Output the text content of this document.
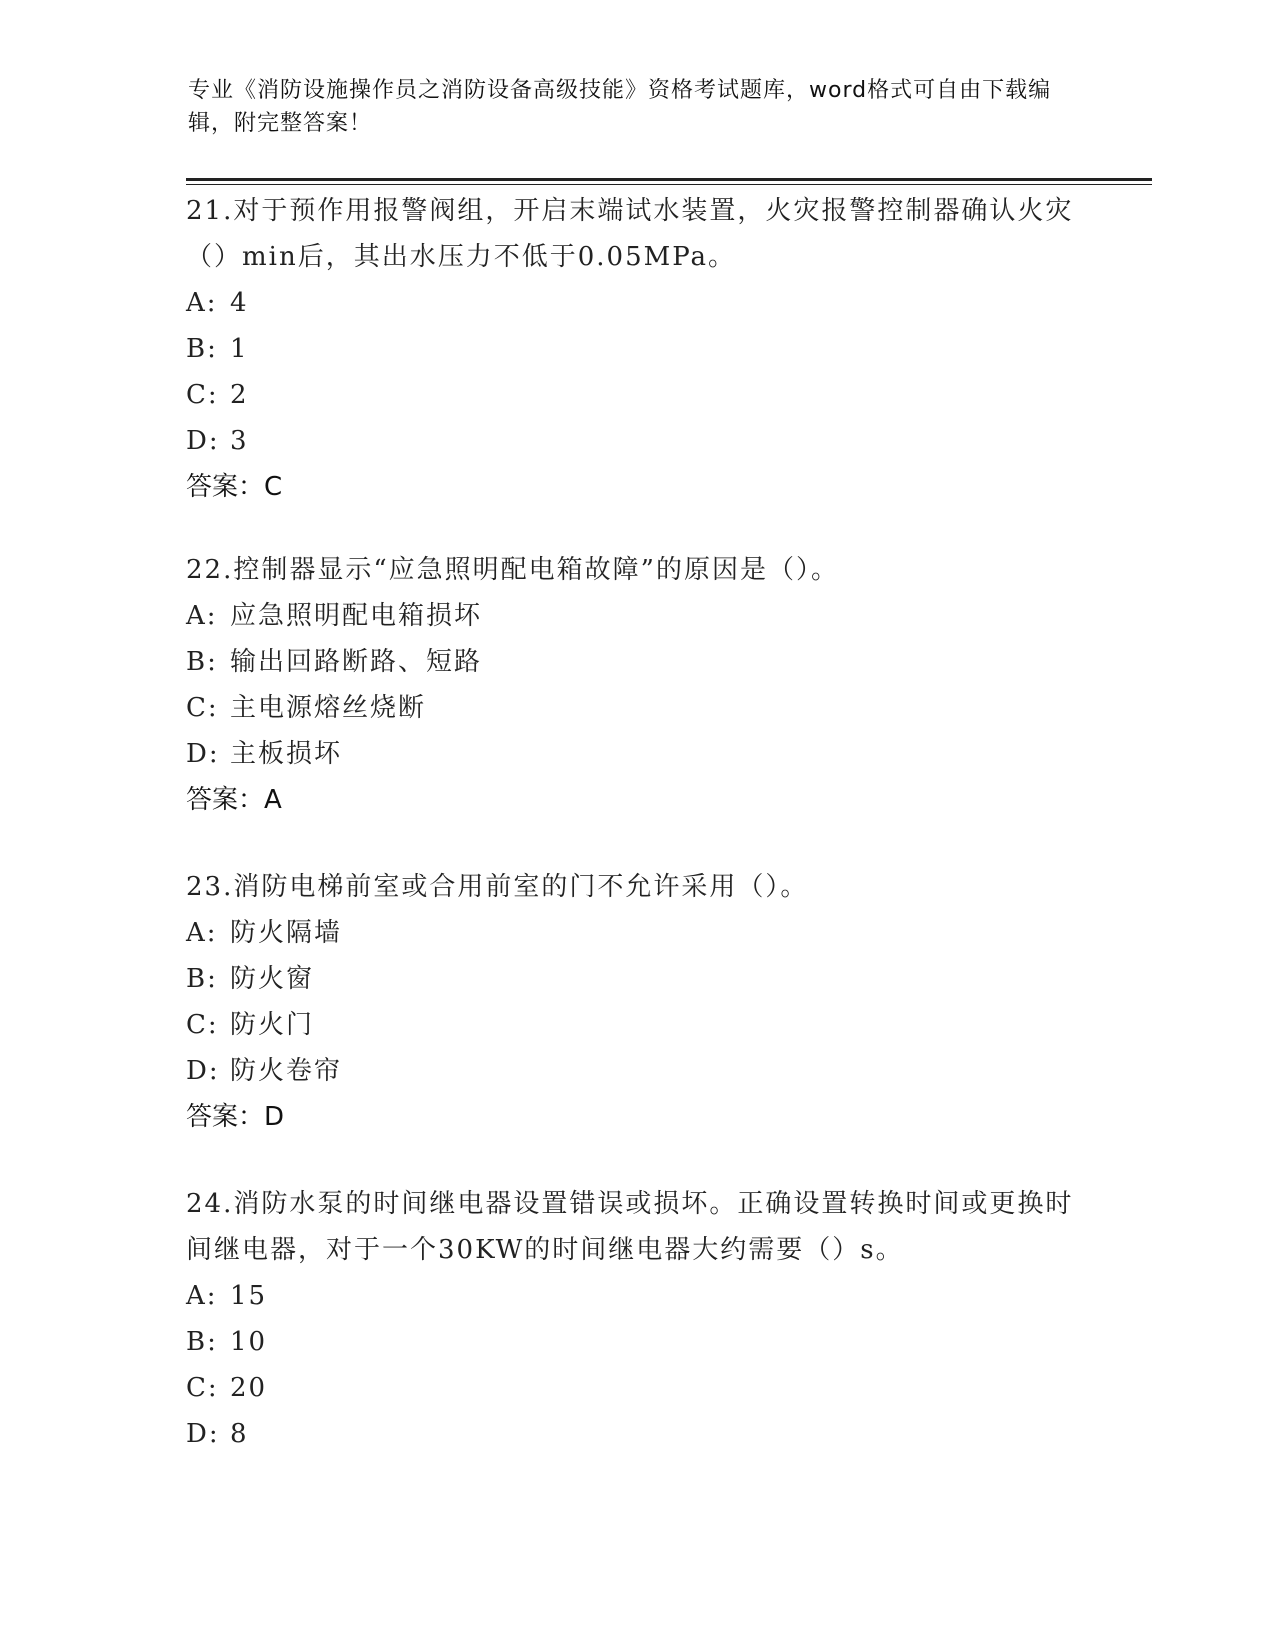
专业《消防设施操作员之消防设备高级技能》资格考试题库，word格式可自由下载编辑，附完整答案！
21.对于预作用报警阀组，开启末端试水装置，火灾报警控制器确认火灾（）min后，其出水压力不低于0.05MPa。
A: 4
B: 1
C: 2
D: 3
答案：C
22.控制器显示“应急照明配电箱故障”的原因是（）。
A: 应急照明配电箱损坏
B: 输出回路断路、短路
C: 主电源熔丝烧断
D: 主板损坏
答案：A
23.消防电梯前室或合用前室的门不允许采用（）。
A: 防火隔墙
B: 防火窗
C: 防火门
D: 防火卷帘
答案：D
24.消防水泵的时间继电器设置错误或损坏。正确设置转换时间或更换时间继电器，对于一个30KW的时间继电器大约需要（）s。
A: 15
B: 10
C: 20
D: 8
